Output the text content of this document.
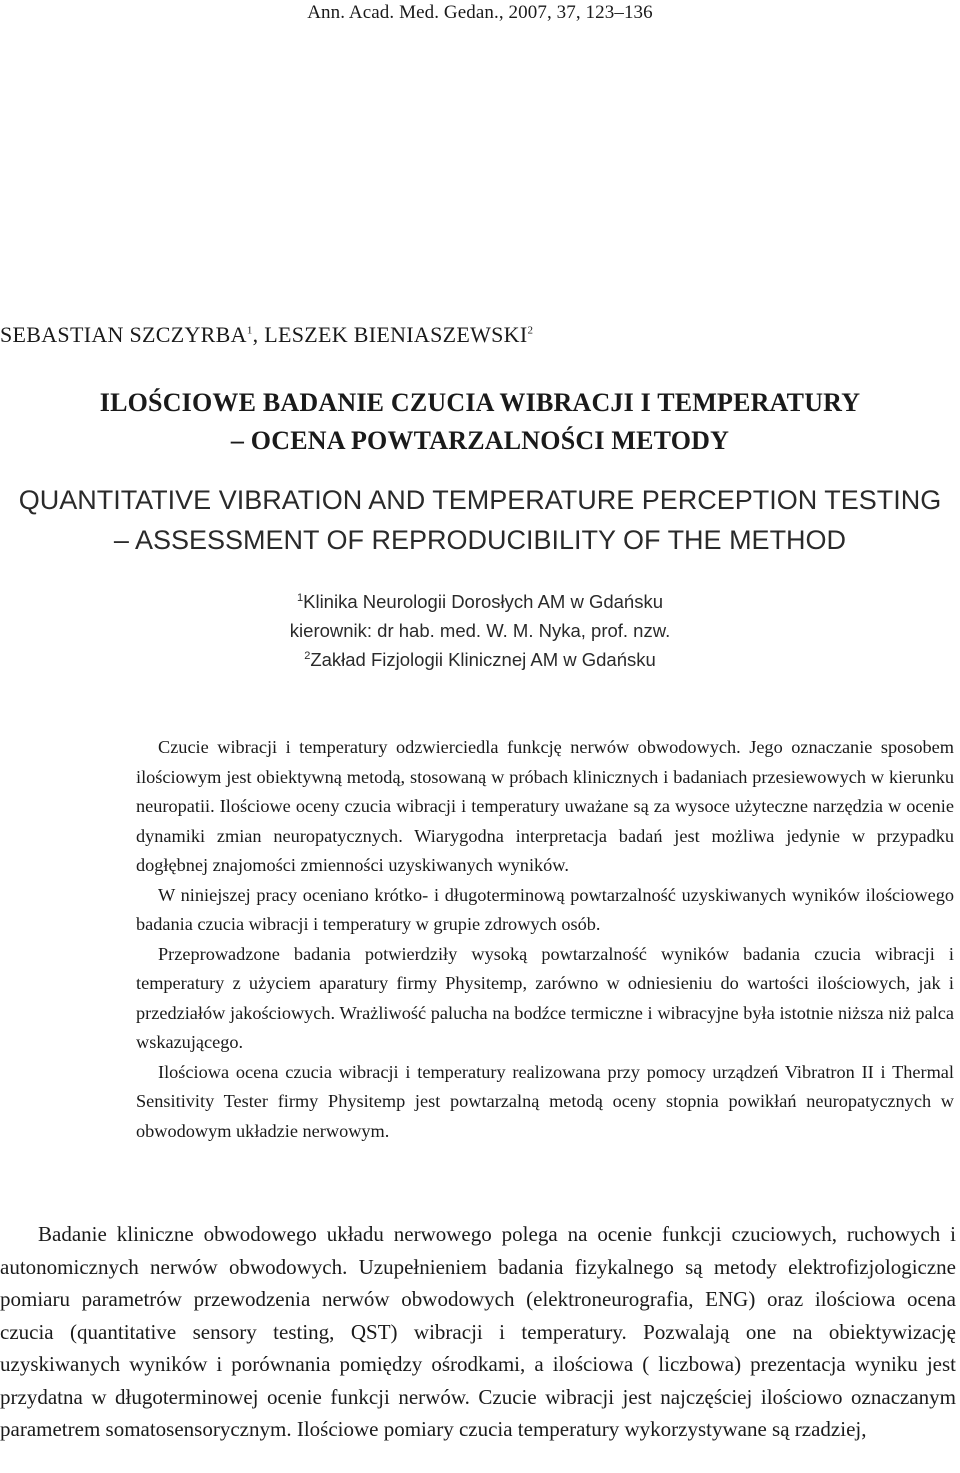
Ann. Acad. Med. Gedan., 2007, 37, 123–136
SEBASTIAN SZCZYRBA$^1$, LESZEK BIENIASZEWSKI$^2$
ILOŚCIOWE BADANIE CZUCIA WIBRACJI I TEMPERATURY
– OCENA POWTARZALNOŚCI METODY
QUANTITATIVE VIBRATION AND TEMPERATURE PERCEPTION TESTING
– ASSESSMENT OF REPRODUCIBILITY OF THE METHOD
$^1$Klinika Neurologii Dorosłych AM w Gdańsku
kierownik: dr hab. med. W. M. Nyka, prof. nzw.
$^2$Zakład Fizjologii Klinicznej AM w Gdańsku

Czucie wibracji i temperatury odzwierciedla funkcję nerwów obwodowych. Jego oznaczanie sposobem ilościowym jest obiektywną metodą, stosowaną w próbach klinicznych i badaniach przesiewowych w kierunku neuropatii. Ilościowe oceny czucia wibracji i temperatury uważane są za wysoce użyteczne narzędzia w ocenie dynamiki zmian neuropatycznych. Wiarygodna interpretacja badań jest możliwa jedynie w przypadku dogłębnej znajomości zmienności uzyskiwanych wyników.

W niniejszej pracy oceniano krótko- i długoterminową powtarzalność uzyskiwanych wyników ilościowego badania czucia wibracji i temperatury w grupie zdrowych osób.

Przeprowadzone badania potwierdziły wysoką powtarzalność wyników badania czucia wibracji i temperatury z użyciem aparatury firmy Physitemp, zarówno w odniesieniu do wartości ilościowych, jak i przedziałów jakościowych. Wrażliwość palucha na bodźce termiczne i wibracyjne była istotnie niższa niż palca wskazującego.

Ilościowa ocena czucia wibracji i temperatury realizowana przy pomocy urządzeń Vibratron II i Thermal Sensitivity Tester firmy Physitemp jest powtarzalną metodą oceny stopnia powikłań neuropatycznych w obwodowym układzie nerwowym.

Badanie kliniczne obwodowego układu nerwowego polega na ocenie funkcji czuciowych, ruchowych i autonomicznych nerwów obwodowych. Uzupełnieniem badania fizykalnego są metody elektrofizjologiczne pomiaru parametrów przewodzenia nerwów obwodowych (elektroneurografia, ENG) oraz ilościowa ocena czucia (quantitative sensory testing, QST) wibracji i temperatury. Pozwalają one na obiektywizację uzyskiwanych wyników i porównania pomiędzy ośrodkami, a ilościowa ( liczbowa) prezentacja wyniku jest przydatna w długoterminowej ocenie funkcji nerwów. Czucie wibracji jest najczęściej ilościowo oznaczanym parametrem somatosensorycznym. Ilościowe pomiary czucia temperatury wykorzystywane są rzadziej,
